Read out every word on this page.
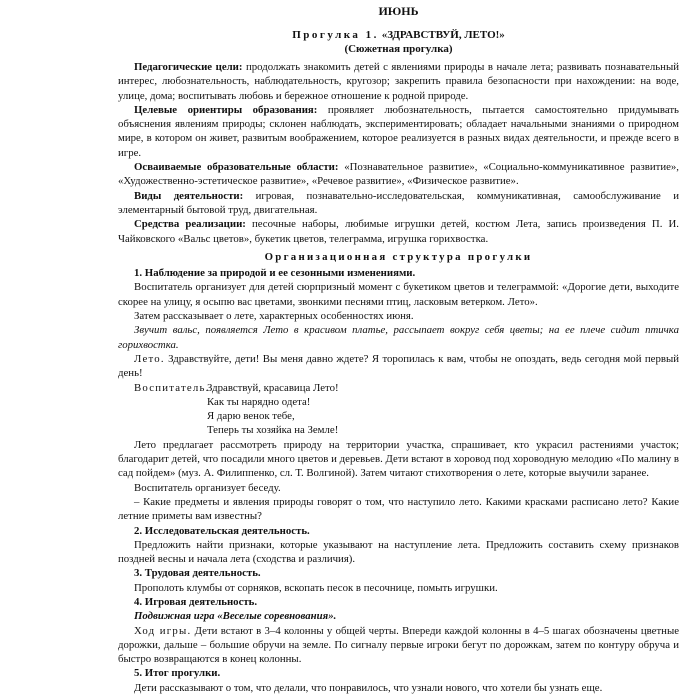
ИЮНЬ

Прогулка 1. «ЗДРАВСТВУЙ, ЛЕТО!»

(Сюжетная прогулка)

Педагогические цели: продолжать знакомить детей с явлениями природы в начале лета; развивать познавательный интерес, любознательность, наблюдательность, кругозор; закрепить правила безопасности при нахождении: на воде, улице, дома; воспитывать любовь и бережное отношение к родной природе.

Целевые ориентиры образования: проявляет любознательность, пытается самостоятельно придумывать объяснения явлениям природы; склонен наблюдать, экспериментировать; обладает начальными знаниями о природном мире, в котором он живет, развитым воображением, которое реализуется в разных видах деятельности, и прежде всего в игре.

Осваиваемые образовательные области: «Познавательное развитие», «Социально-коммуникативное развитие», «Художественно-эстетическое развитие», «Речевое развитие», «Физическое развитие».

Виды деятельности: игровая, познавательно-исследовательская, коммуникативная, самообслуживание и элементарный бытовой труд, двигательная.

Средства реализации: песочные наборы, любимые игрушки детей, костюм Лета, запись произведения П. И. Чайковского «Вальс цветов», букетик цветов, телеграмма, игрушка горихвостка.

Организационная структура прогулки

1. Наблюдение за природой и ее сезонными изменениями.

Воспитатель организует для детей сюрпризный момент с букетиком цветов и телеграммой: «Дорогие дети, выходите скорее на улицу, я осыпю вас цветами, звонкими песнями птиц, ласковым ветерком. Лето».

Затем рассказывает о лете, характерных особенностях июня.

Звучит вальс, появляется Лето в красивом платье, рассыпает вокруг себя цветы; на ее плече сидит птичка горихвостка.

Лето. Здравствуйте, дети! Вы меня давно ждете? Я торопилась к вам, чтобы не опоздать, ведь сегодня мой первый день!

Воспитатель.

Здравствуй, красавица Лето!

Как ты нарядно одета!

Я дарю венок тебе,

Теперь ты хозяйка на Земле!

Лето предлагает рассмотреть природу на территории участка, спрашивает, кто украсил растениями участок; благодарит детей, что посадили много цветов и деревьев. Дети встают в хоровод под хороводную мелодию «По малину в сад пойдем» (муз. А. Филиппенко, сл. Т. Волгиной). Затем читают стихотворения о лете, которые выучили заранее.

Воспитатель организует беседу.

– Какие предметы и явления природы говорят о том, что наступило лето. Какими красками расписано лето? Какие летние приметы вам известны?

2. Исследовательская деятельность.

Предложить найти признаки, которые указывают на наступление лета. Предложить составить схему признаков поздней весны и начала лета (сходства и различия).

3. Трудовая деятельность.

Прополоть клумбы от сорняков, вскопать песок в песочнице, помыть игрушки.

4. Игровая деятельность.

Подвижная игра «Веселые соревнования».

Ход игры. Дети встают в 3–4 колонны у общей черты. Впереди каждой колонны в 4–5 шагах обозначены цветные дорожки, дальше – большие обручи на земле. По сигналу первые игроки бегут по дорожкам, затем по контуру обруча и быстро возвращаются в конец колонны.

5. Итог прогулки.

Дети рассказывают о том, что делали, что понравилось, что узнали нового, что хотели бы узнать еще.
